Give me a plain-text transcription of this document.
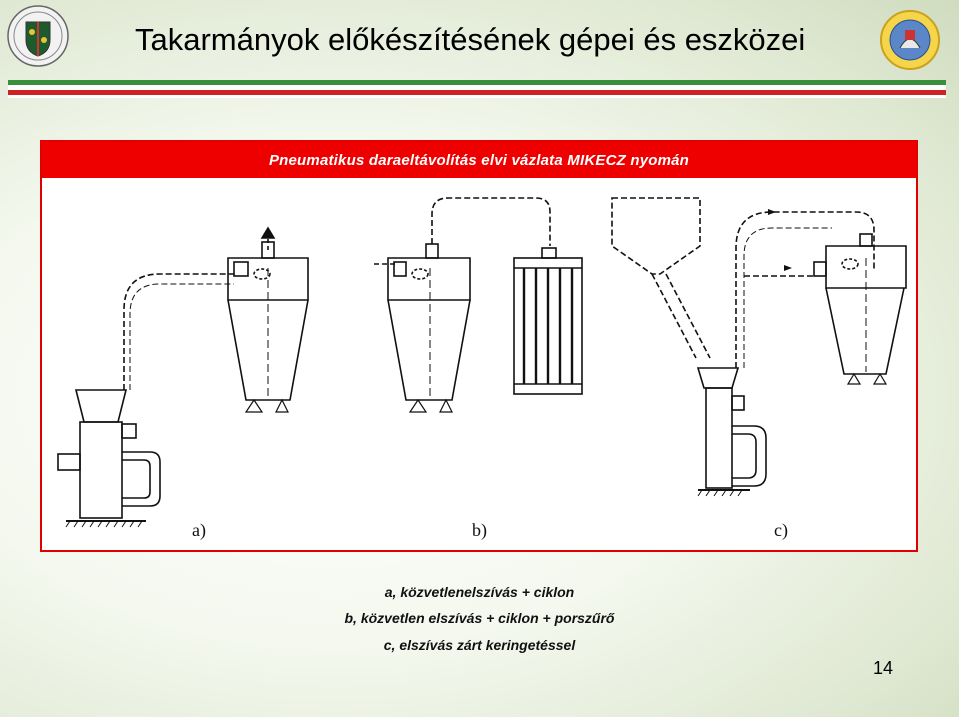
Takarmányok előkészítésének gépei és eszközei
Pneumatikus daraeltávolítás elvi vázlata MIKECZ nyomán
a)	b)	c)
a, közvetlenelszívás + ciklon
b, közvetlen elszívás + ciklon + porszűrő
c, elszívás zárt keringetéssel
14
